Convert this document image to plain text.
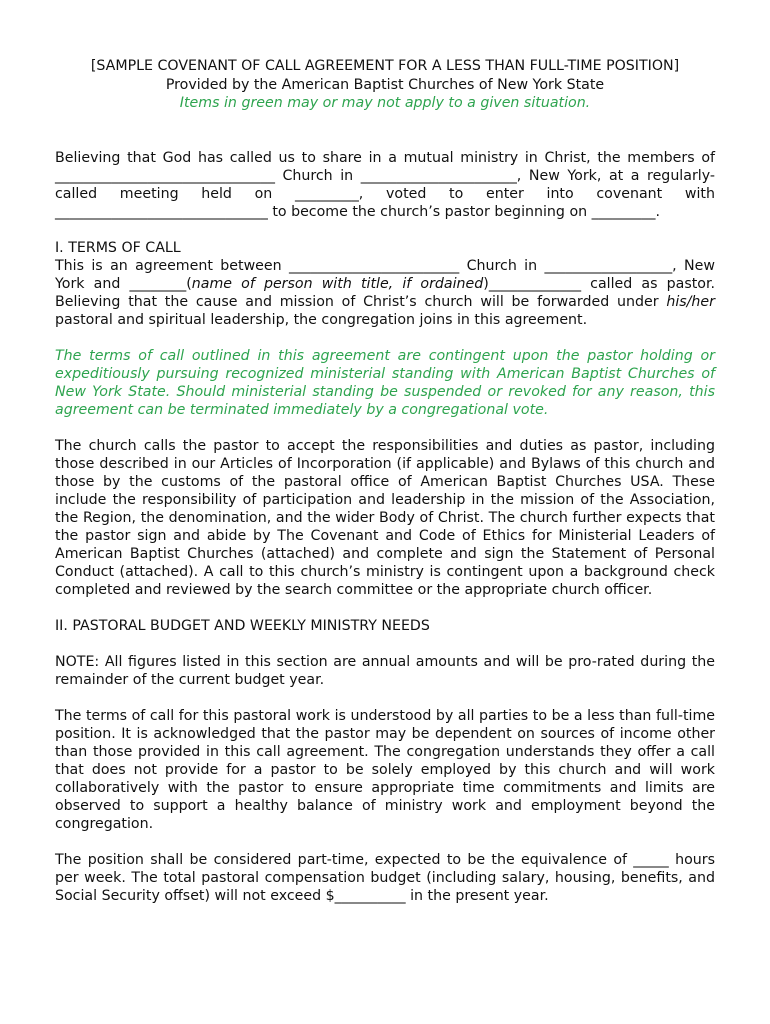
[SAMPLE COVENANT OF CALL AGREEMENT FOR A LESS THAN FULL-TIME POSITION]
Provided by the American Baptist Churches of New York State
Items in green may or may not apply to a given situation.

Believing that God has called us to share in a mutual ministry in Christ, the members of _______________________________ Church in ______________________, New York, at a regularly-called meeting held on _________, voted to enter into covenant with ______________________________ to become the church’s pastor beginning on _________.

I. TERMS OF CALL

This is an agreement between ________________________ Church in __________________, New York and ________(name of person with title, if ordained)_____________ called as pastor. Believing that the cause and mission of Christ’s church will be forwarded under his/her pastoral and spiritual leadership, the congregation joins in this agreement.

The terms of call outlined in this agreement are contingent upon the pastor holding or expeditiously pursuing recognized ministerial standing with American Baptist Churches of New York State. Should ministerial standing be suspended or revoked for any reason, this agreement can be terminated immediately by a congregational vote.

The church calls the pastor to accept the responsibilities and duties as pastor, including those described in our Articles of Incorporation (if applicable) and Bylaws of this church and those by the customs of the pastoral office of American Baptist Churches USA. These include the responsibility of participation and leadership in the mission of the Association, the Region, the denomination, and the wider Body of Christ. The church further expects that the pastor sign and abide by The Covenant and Code of Ethics for Ministerial Leaders of American Baptist Churches (attached) and complete and sign the Statement of Personal Conduct (attached). A call to this church’s ministry is contingent upon a background check completed and reviewed by the search committee or the appropriate church officer.

II. PASTORAL BUDGET AND WEEKLY MINISTRY NEEDS

NOTE: All figures listed in this section are annual amounts and will be pro-rated during the remainder of the current budget year.

The terms of call for this pastoral work is understood by all parties to be a less than full-time position. It is acknowledged that the pastor may be dependent on sources of income other than those provided in this call agreement. The congregation understands they offer a call that does not provide for a pastor to be solely employed by this church and will work collaboratively with the pastor to ensure appropriate time commitments and limits are observed to support a healthy balance of ministry work and employment beyond the congregation.

The position shall be considered part-time, expected to be the equivalence of _____ hours per week. The total pastoral compensation budget (including salary, housing, benefits, and Social Security offset) will not exceed $__________ in the present year.
